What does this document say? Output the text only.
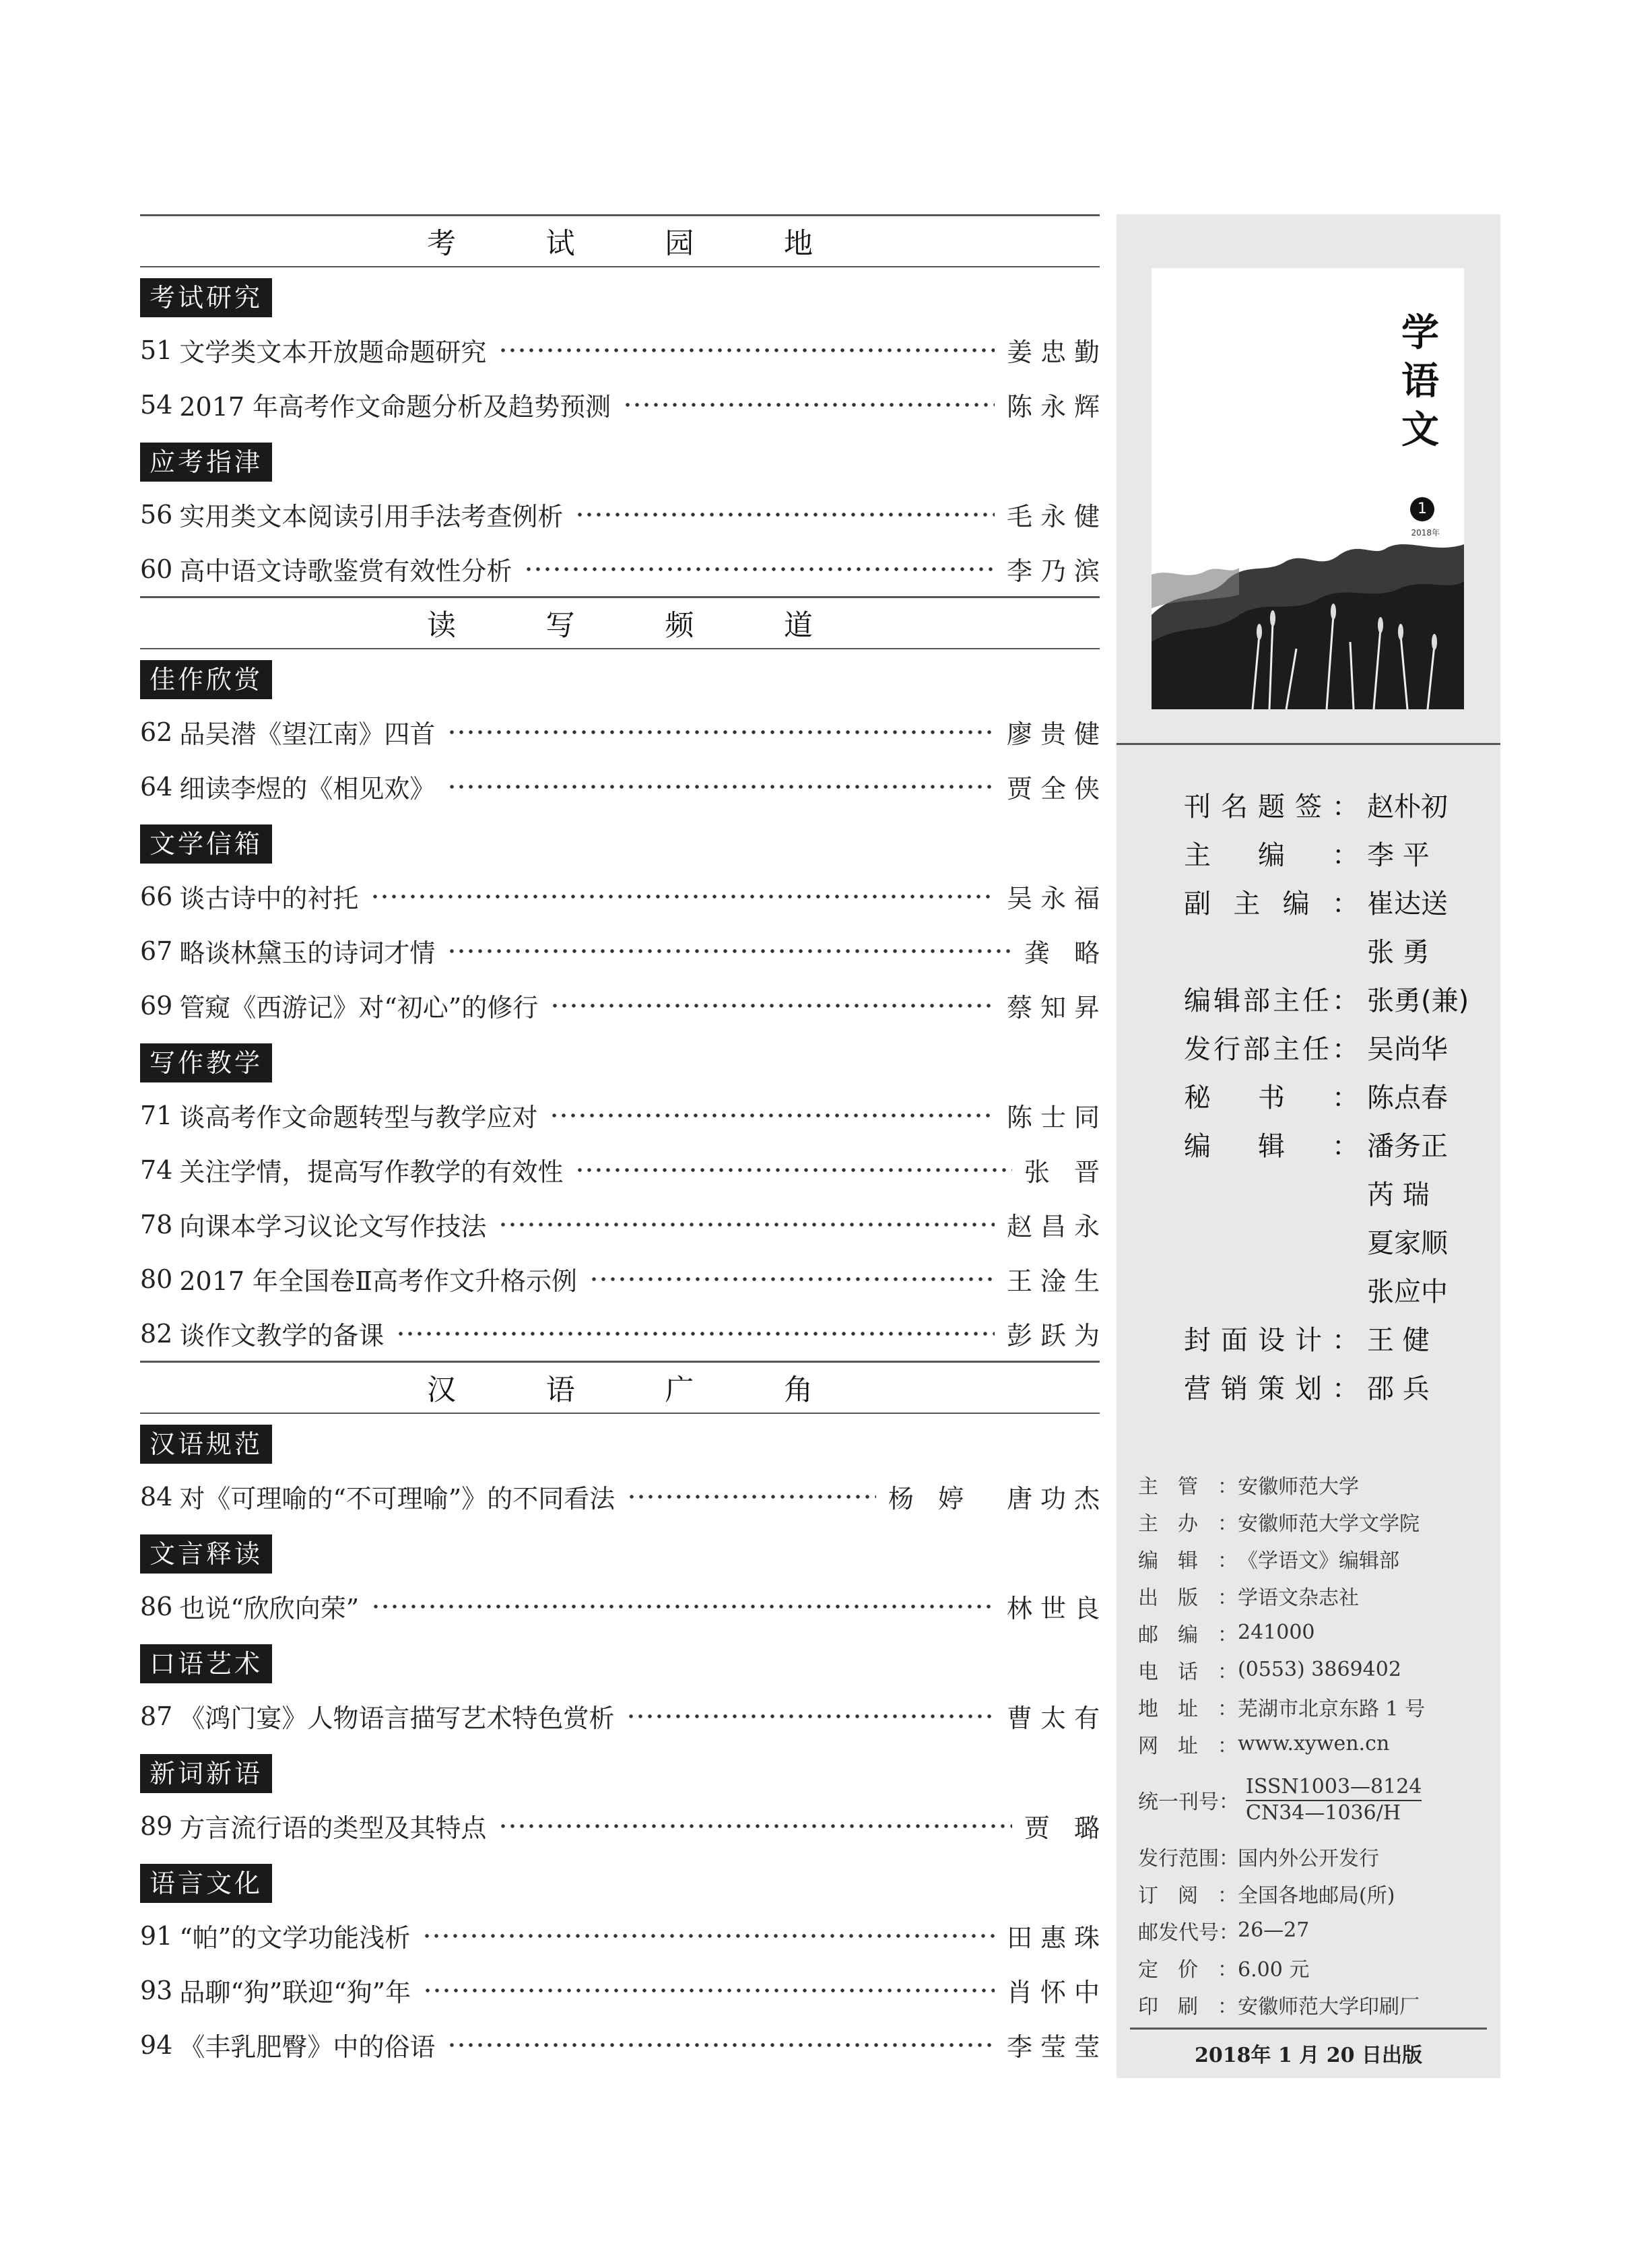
考 试 园 地
考试研究
51 文学类文本开放题命题研究	姜忠勤
54 2017 年高考作文命题分析及趋势预测	陈永辉
应考指津
56 实用类文本阅读引用手法考查例析	毛永健
60 高中语文诗歌鉴赏有效性分析	李乃滨
读 写 频 道
佳作欣赏
62 品吴潜《望江南》四首	廖贵健
64 细读李煜的《相见欢》	贾全侠
文学信箱
66 谈古诗中的衬托	吴永福
67 略谈林黛玉的诗词才情	龚 略
69 管窥《西游记》对“初心”的修行	蔡知昇
写作教学
71 谈高考作文命题转型与教学应对	陈士同
74 关注学情，提高写作教学的有效性	张 晋
78 向课本学习议论文写作技法	赵昌永
80 2017 年全国卷Ⅱ高考作文升格示例	王淦生
82 谈作文教学的备课	彭跃为
汉 语 广 角
汉语规范
84 对《可理喻的“不可理喻”》的不同看法	杨 婷 唐功杰
文言释读
86 也说“欣欣向荣”	林世良
口语艺术
87 《鸿门宴》人物语言描写艺术特色赏析	曹太有
新词新语
89 方言流行语的类型及其特点	贾 璐
语言文化
91 “帕”的文学功能浅析	田惠珠
93 品聊“狗”联迎“狗”年	肖怀中
94 《丰乳肥臀》中的俗语	李莹莹
学语文
1
2018年
刊 名 题 签 ： 赵朴初
主 编 ： 李 平
副 主 编 ： 崔达送
张 勇
编 辑 部 主 任 ： 张勇(兼)
发 行 部 主 任 ： 吴尚华
秘 书 ： 陈点春
编 辑 ： 潘务正
芮 瑞
夏家顺
张应中
封 面 设 计 ： 王 健
营 销 策 划 ： 邵 兵
主 管 ： 安徽师范大学
主 办 ： 安徽师范大学文学院
编 辑 ： 《学语文》编辑部
出 版 ： 学语文杂志社
邮 编 ： 241000
电 话 ： (0553) 3869402
地 址 ： 芜湖市北京东路 1 号
网 址 ： www.xywen.cn
统一刊号：
ISSN1003—8124
CN34—1036/H
发 行 范 围 ：
国内外公开发行
订 阅 ： 全国各地邮局(所)
邮 发 代 号 ：
26—27
定 价 ： 6.00 元
印 刷 ： 安徽师范大学印刷厂
2018年 1 月 20 日出版
